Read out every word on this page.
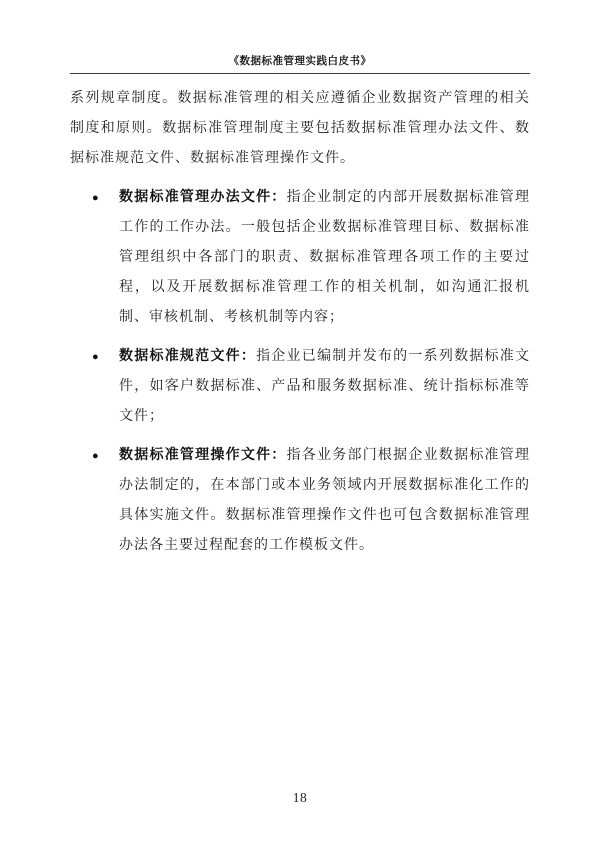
《数据标准管理实践白皮书》

系列规章制度。数据标准管理的相关应遵循企业数据资产管理的相关制度和原则。数据标准管理制度主要包括数据标准管理办法文件、数据标准规范文件、数据标准管理操作文件。

● 数据标准管理办法文件：指企业制定的内部开展数据标准管理工作的工作办法。一般包括企业数据标准管理目标、数据标准管理组织中各部门的职责、数据标准管理各项工作的主要过程，以及开展数据标准管理工作的相关机制，如沟通汇报机制、审核机制、考核机制等内容；
● 数据标准规范文件：指企业已编制并发布的一系列数据标准文件，如客户数据标准、产品和服务数据标准、统计指标标准等文件；
● 数据标准管理操作文件：指各业务部门根据企业数据标准管理办法制定的，在本部门或本业务领域内开展数据标准化工作的具体实施文件。数据标准管理操作文件也可包含数据标准管理办法各主要过程配套的工作模板文件。
18
